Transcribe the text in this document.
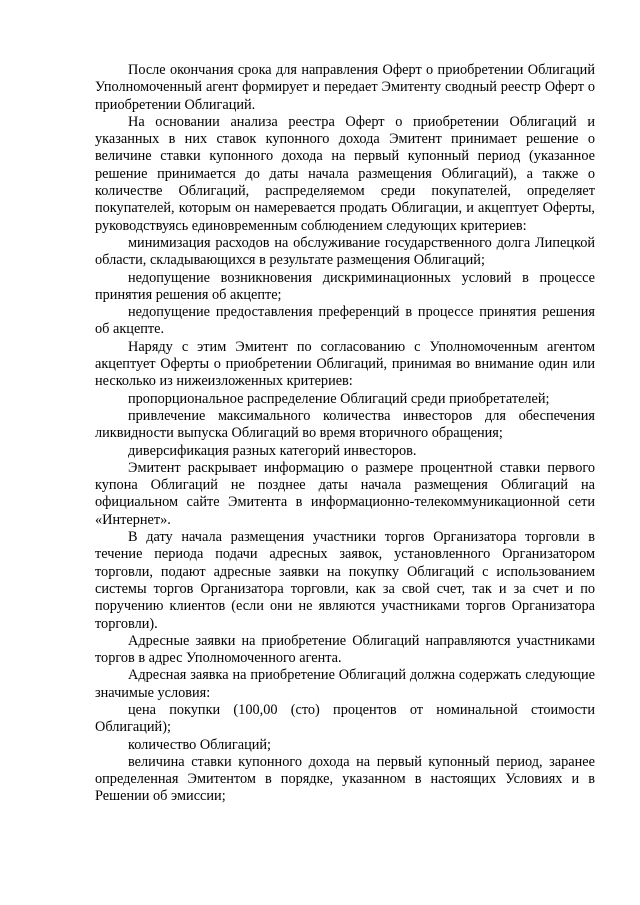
После окончания срока для направления Оферт о приобретении Облигаций Уполномоченный агент формирует и передает Эмитенту сводный реестр Оферт о приобретении Облигаций.

На основании анализа реестра Оферт о приобретении Облигаций и указанных в них ставок купонного дохода Эмитент принимает решение о величине ставки купонного дохода на первый купонный период (указанное решение принимается до даты начала размещения Облигаций), а также о количестве Облигаций, распределяемом среди покупателей, определяет покупателей, которым он намеревается продать Облигации, и акцептует Оферты, руководствуясь единовременным соблюдением следующих критериев:

минимизация расходов на обслуживание государственного долга Липецкой области, складывающихся в результате размещения Облигаций;

недопущение возникновения дискриминационных условий в процессе принятия решения об акцепте;

недопущение предоставления преференций в процессе принятия решения об акцепте.

Наряду с этим Эмитент по согласованию с Уполномоченным агентом акцептует Оферты о приобретении Облигаций, принимая во внимание один или несколько из нижеизложенных критериев:

пропорциональное распределение Облигаций среди приобретателей;

привлечение максимального количества инвесторов для обеспечения ликвидности выпуска Облигаций во время вторичного обращения;

диверсификация разных категорий инвесторов.

Эмитент раскрывает информацию о размере процентной ставки первого купона Облигаций не позднее даты начала размещения Облигаций на официальном сайте Эмитента в информационно-телекоммуникационной сети «Интернет».

В дату начала размещения участники торгов Организатора торговли в течение периода подачи адресных заявок, установленного Организатором торговли, подают адресные заявки на покупку Облигаций с использованием системы торгов Организатора торговли, как за свой счет, так и за счет и по поручению клиентов (если они не являются участниками торгов Организатора торговли).

Адресные заявки на приобретение Облигаций направляются участниками торгов в адрес Уполномоченного агента.

Адресная заявка на приобретение Облигаций должна содержать следующие значимые условия:

цена покупки (100,00 (сто) процентов от номинальной стоимости Облигаций);

количество Облигаций;

величина ставки купонного дохода на первый купонный период, заранее определенная Эмитентом в порядке, указанном в настоящих Условиях и в Решении об эмиссии;
